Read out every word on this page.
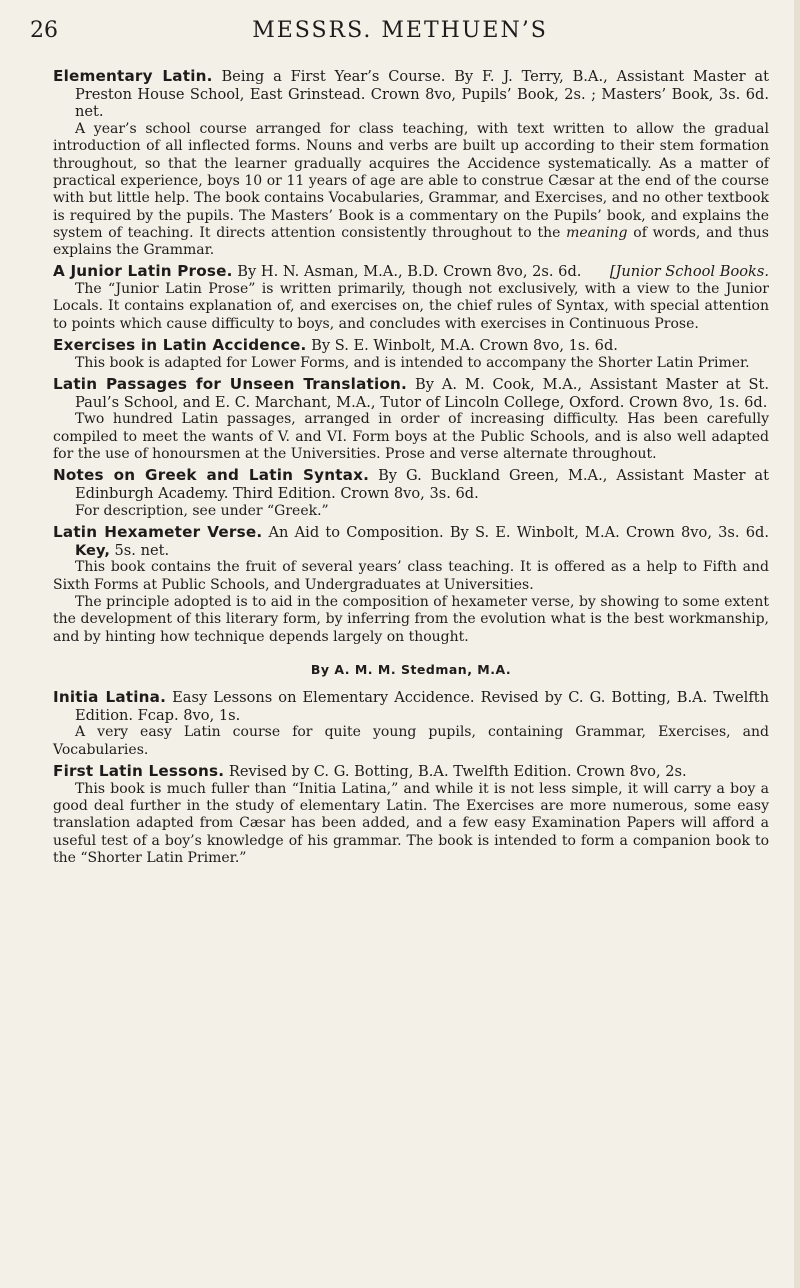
26	MESSRS. METHUEN’S

Elementary Latin. Being a First Year’s Course. By F. J. Terry, B.A., Assistant Master at Preston House School, East Grinstead. Crown 8vo, Pupils’ Book, 2s. ; Masters’ Book, 3s. 6d. net.

A year’s school course arranged for class teaching, with text written to allow the gradual introduction of all inflected forms. Nouns and verbs are built up according to their stem formation throughout, so that the learner gradually acquires the Accidence systematically. As a matter of practical experience, boys 10 or 11 years of age are able to construe Cæsar at the end of the course with but little help. The book contains Vocabularies, Grammar, and Exercises, and no other textbook is required by the pupils. The Masters’ Book is a commentary on the Pupils’ book, and explains the system of teaching. It directs attention consistently throughout to the meaning of words, and thus explains the Grammar.

A Junior Latin Prose. By H. N. Asman, M.A., B.D. Crown 8vo, 2s. 6d. [Junior School Books.

The “Junior Latin Prose” is written primarily, though not exclusively, with a view to the Junior Locals. It contains explanation of, and exercises on, the chief rules of Syntax, with special attention to points which cause difficulty to boys, and concludes with exercises in Continuous Prose.

Exercises in Latin Accidence. By S. E. Winbolt, M.A. Crown 8vo, 1s. 6d.

This book is adapted for Lower Forms, and is intended to accompany the Shorter Latin Primer.

Latin Passages for Unseen Translation. By A. M. Cook, M.A., Assistant Master at St. Paul’s School, and E. C. Marchant, M.A., Tutor of Lincoln College, Oxford. Crown 8vo, 1s. 6d.

Two hundred Latin passages, arranged in order of increasing difficulty. Has been carefully compiled to meet the wants of V. and VI. Form boys at the Public Schools, and is also well adapted for the use of honoursmen at the Universities. Prose and verse alternate throughout.

Notes on Greek and Latin Syntax. By G. Buckland Green, M.A., Assistant Master at Edinburgh Academy. Third Edition. Crown 8vo, 3s. 6d.

For description, see under “Greek.”

Latin Hexameter Verse. An Aid to Composition. By S. E. Winbolt, M.A. Crown 8vo, 3s. 6d. Key, 5s. net.

This book contains the fruit of several years’ class teaching. It is offered as a help to Fifth and Sixth Forms at Public Schools, and Undergraduates at Universities.

The principle adopted is to aid in the composition of hexameter verse, by showing to some extent the development of this literary form, by inferring from the evolution what is the best workmanship, and by hinting how technique depends largely on thought.

By A. M. M. Stedman, M.A.

Initia Latina. Easy Lessons on Elementary Accidence. Revised by C. G. Botting, B.A. Twelfth Edition. Fcap. 8vo, 1s.

A very easy Latin course for quite young pupils, containing Grammar, Exercises, and Vocabularies.

First Latin Lessons. Revised by C. G. Botting, B.A. Twelfth Edition. Crown 8vo, 2s.

This book is much fuller than “Initia Latina,” and while it is not less simple, it will carry a boy a good deal further in the study of elementary Latin. The Exercises are more numerous, some easy translation adapted from Cæsar has been added, and a few easy Examination Papers will afford a useful test of a boy’s knowledge of his grammar. The book is intended to form a companion book to the “Shorter Latin Primer.”
